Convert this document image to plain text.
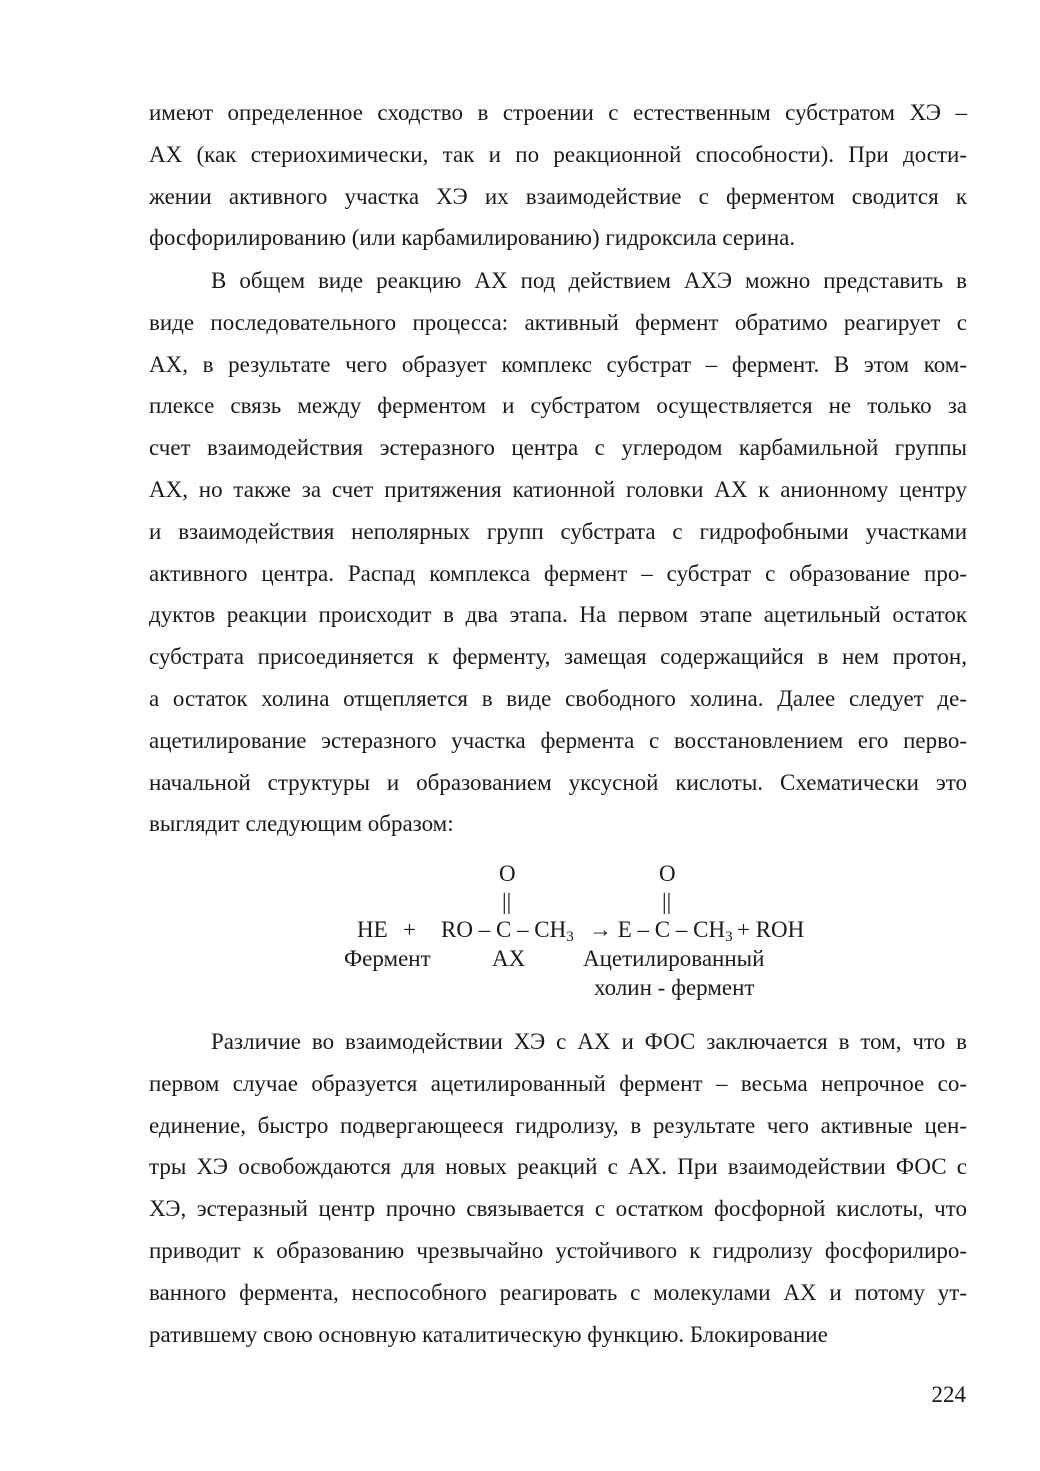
имеют определенное сходство в строении с естественным субстратом ХЭ –
АХ (как стериохимически, так и по реакционной способности). При дости-
жении активного участка ХЭ их взаимодействие с ферментом сводится к
фосфорилированию (или карбамилированию) гидроксила серина.
В общем виде реакцию АХ под действием АХЭ можно представить в
виде последовательного процесса: активный фермент обратимо реагирует с
АХ, в результате чего образует комплекс субстрат – фермент. В этом ком-
плексе связь между ферментом и субстратом осуществляется не только за
счет взаимодействия эстеразного центра с углеродом карбамильной группы
АХ, но также за счет притяжения катионной головки АХ к анионному центру
и взаимодействия неполярных групп субстрата с гидрофобными участками
активного центра. Распад комплекса фермент – субстрат с образование про-
дуктов реакции происходит в два этапа. На первом этапе ацетильный остаток
субстрата присоединяется к ферменту, замещая содержащийся в нем протон,
а остаток холина отщепляется в виде свободного холина. Далее следует де-
ацетилирование эстеразного участка фермента с восстановлением его перво-
начальной структуры и образованием уксусной кислоты. Схематически это
выглядит следующим образом:
O	O
||	||
HE + RO – $C - CH_3 \to E - C - CH_3$ + ROH
Фермент	АХ	Ацетилированный
холин - фермент
Различие во взаимодействии ХЭ с АХ и ФОС заключается в том, что в
первом случае образуется ацетилированный фермент – весьма непрочное со-
единение, быстро подвергающееся гидролизу, в результате чего активные цен-
тры ХЭ освобождаются для новых реакций с АХ. При взаимодействии ФОС с
ХЭ, эстеразный центр прочно связывается с остатком фосфорной кислоты, что
приводит к образованию чрезвычайно устойчивого к гидролизу фосфорилиро-
ванного фермента, неспособного реагировать с молекулами АХ и потому ут-
ратившему свою основную каталитическую функцию. Блокирование
224
